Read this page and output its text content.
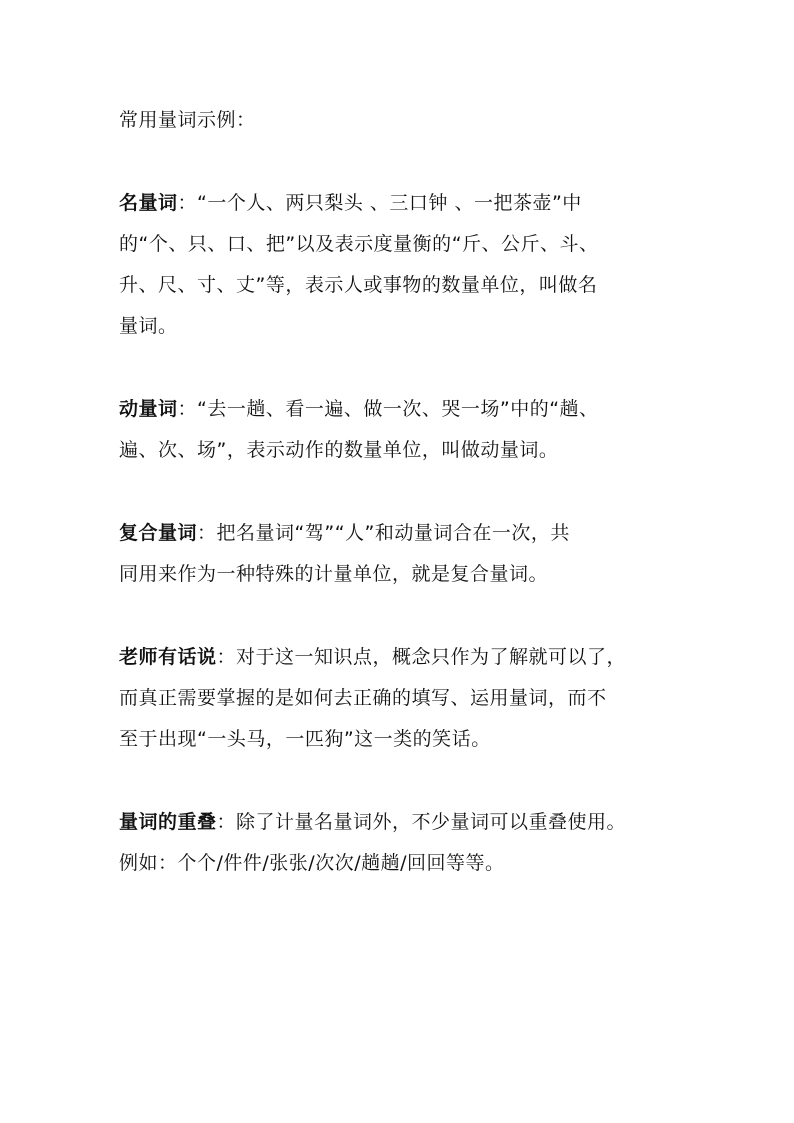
常用量词示例：
名量词：“一个人、两只梨头 、三口钟 、一把茶壶”中
的“个、只、口、把”以及表示度量衡的“斤、公斤、斗、
升、尺、寸、丈”等，表示人或事物的数量单位，叫做名
量词。
动量词：“去一趟、看一遍、做一次、哭一场”中的“趟、
遍、次、场”，表示动作的数量单位，叫做动量词。
复合量词：把名量词“驾”“人”和动量词合在一次，共
同用来作为一种特殊的计量单位，就是复合量词。
老师有话说：对于这一知识点，概念只作为了解就可以了，
而真正需要掌握的是如何去正确的填写、运用量词，而不
至于出现“一头马，一匹狗”这一类的笑话。
量词的重叠：除了计量名量词外，不少量词可以重叠使用。
例如：个个/件件/张张/次次/趟趟/回回等等。
